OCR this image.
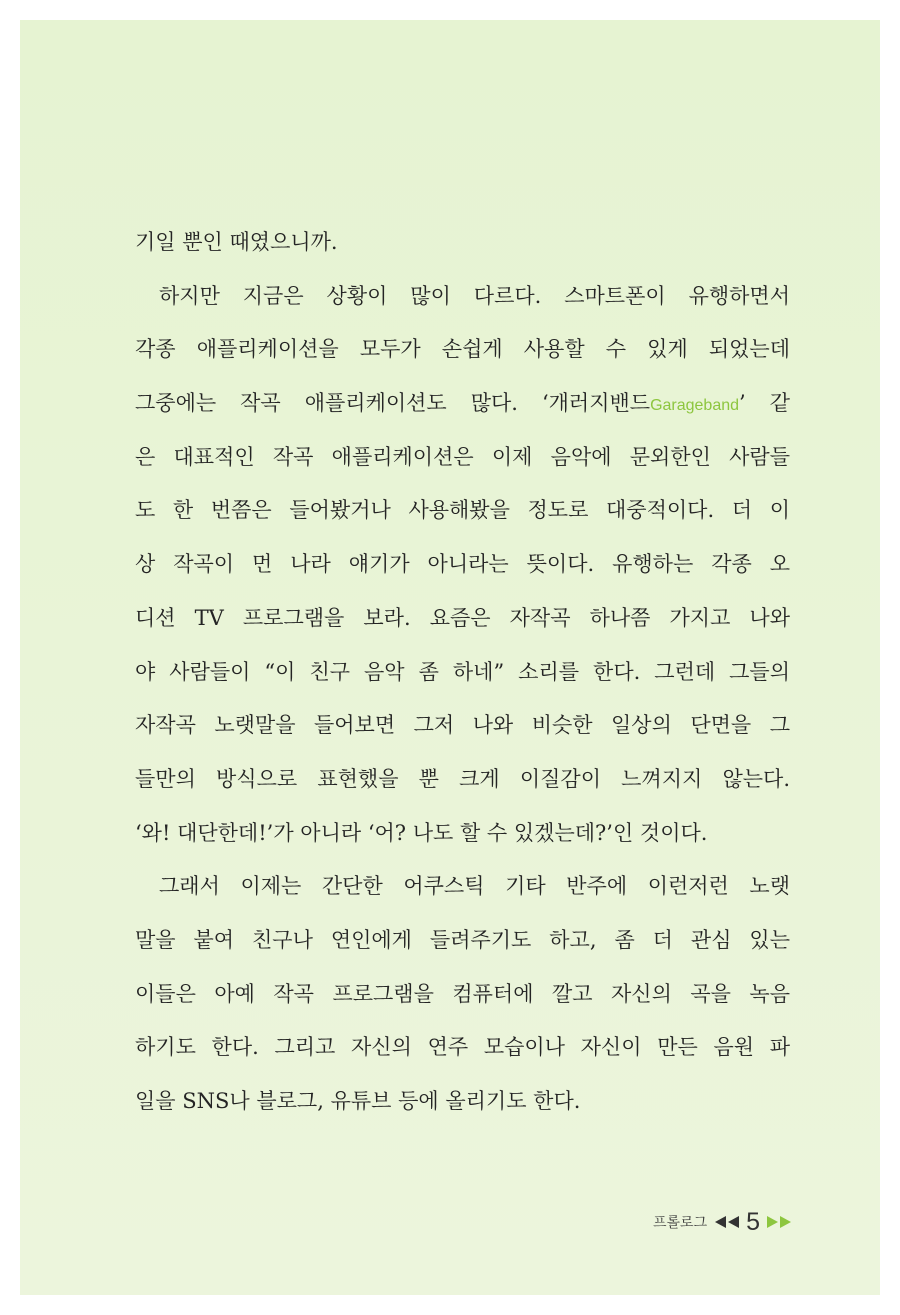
기일 뿐인 때였으니까.
하지만 지금은 상황이 많이 다르다. 스마트폰이 유행하면서
각종 애플리케이션을 모두가 손쉽게 사용할 수 있게 되었는데
그중에는 작곡 애플리케이션도 많다. ‘개러지밴드Garageband’ 같
은 대표적인 작곡 애플리케이션은 이제 음악에 문외한인 사람들
도 한 번쯤은 들어봤거나 사용해봤을 정도로 대중적이다. 더 이
상 작곡이 먼 나라 얘기가 아니라는 뜻이다. 유행하는 각종 오
디션 TV 프로그램을 보라. 요즘은 자작곡 하나쯤 가지고 나와
야 사람들이 “이 친구 음악 좀 하네” 소리를 한다. 그런데 그들의
자작곡 노랫말을 들어보면 그저 나와 비슷한 일상의 단면을 그
들만의 방식으로 표현했을 뿐 크게 이질감이 느껴지지 않는다.
‘와! 대단한데!’가 아니라 ‘어? 나도 할 수 있겠는데?’인 것이다.
그래서 이제는 간단한 어쿠스틱 기타 반주에 이런저런 노랫
말을 붙여 친구나 연인에게 들려주기도 하고, 좀 더 관심 있는
이들은 아예 작곡 프로그램을 컴퓨터에 깔고 자신의 곡을 녹음
하기도 한다. 그리고 자신의 연주 모습이나 자신이 만든 음원 파
일을 SNS나 블로그, 유튜브 등에 올리기도 한다.
프롤로그 5
